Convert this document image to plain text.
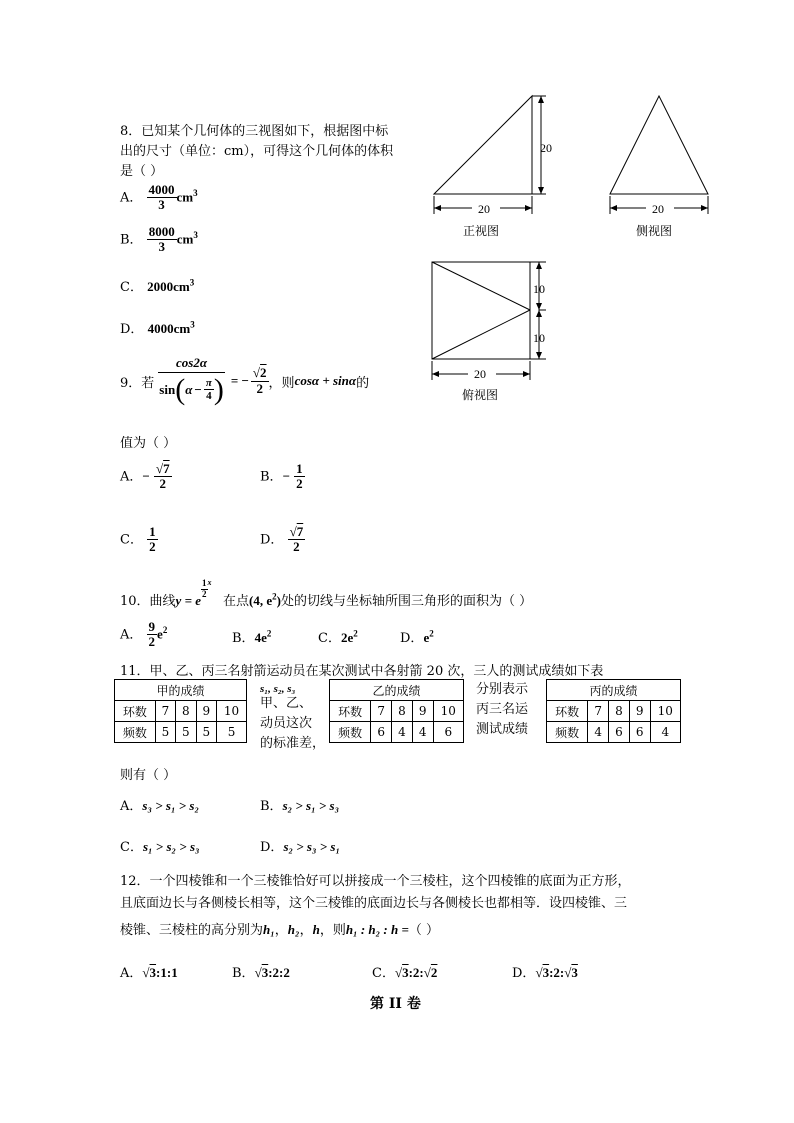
8．已知某个几何体的三视图如下，根据图中标
出的尺寸（单位：cm），可得这个几何体的体积
是（ ）
A． $\frac{4000}{3} cm^3$
B． $\frac{8000}{3} cm^3$
C． $2000cm^3$
D． $4000cm^3$
20
20
正视图
20
侧视图
10
10
20
俯视图
9．若 $\frac{\cos 2\alpha}{\sin ( \alpha - \frac{\pi}{4} )}$ = − $\frac{√2}{2}$ ，则 cosα + sinα 的
值为（ ）
A．− $\frac{√7}{2}$	B．− $\frac{1}{2}$
C． $\frac{1}{2}$	D． $\frac{√7}{2}$
10．曲线y = e
$\frac{1}{2}$ x
在点(4, $e^2$)处的切线与坐标轴所围三角形的面积为（ ）
A． $\frac{9}{2} e^2$
B．$4e^2$	C．$2e^2$	D．$e^2$
11．甲、乙、丙三名射箭运动员在某次测试中各射箭 20 次，三人的测试成绩如下表
甲的成绩				
环数	7	8	9	10
频数	5	5	5	5
s₁, s₂, s₃
甲、乙、
动员这次
的标准差，
乙的成绩				
环数	7	8	9	10
频数	6	4	4	6
分别表示
丙三名运
测试成绩
丙的成绩				
环数	7	8	9	10
频数	4	6	6	4
则有（ ）
A．s₃ > s₁ > s₂	B．s₂ > s₁ > s₃
C．s₁ > s₂ > s₃	D．s₂ > s₃ > s₁
12．一个四棱锥和一个三棱锥恰好可以拼接成一个三棱柱，这个四棱锥的底面为正方形，
且底面边长与各侧棱长相等，这个三棱锥的底面边长与各侧棱长也都相等．设四棱锥、三
棱锥、三棱柱的高分别为h₁，h₂，h，则h₁ : h₂ : h =（ ）
A．√3:1:1	B．√3:2:2	C．√3:2:√2	D．√3:2:√3
第 II 卷
